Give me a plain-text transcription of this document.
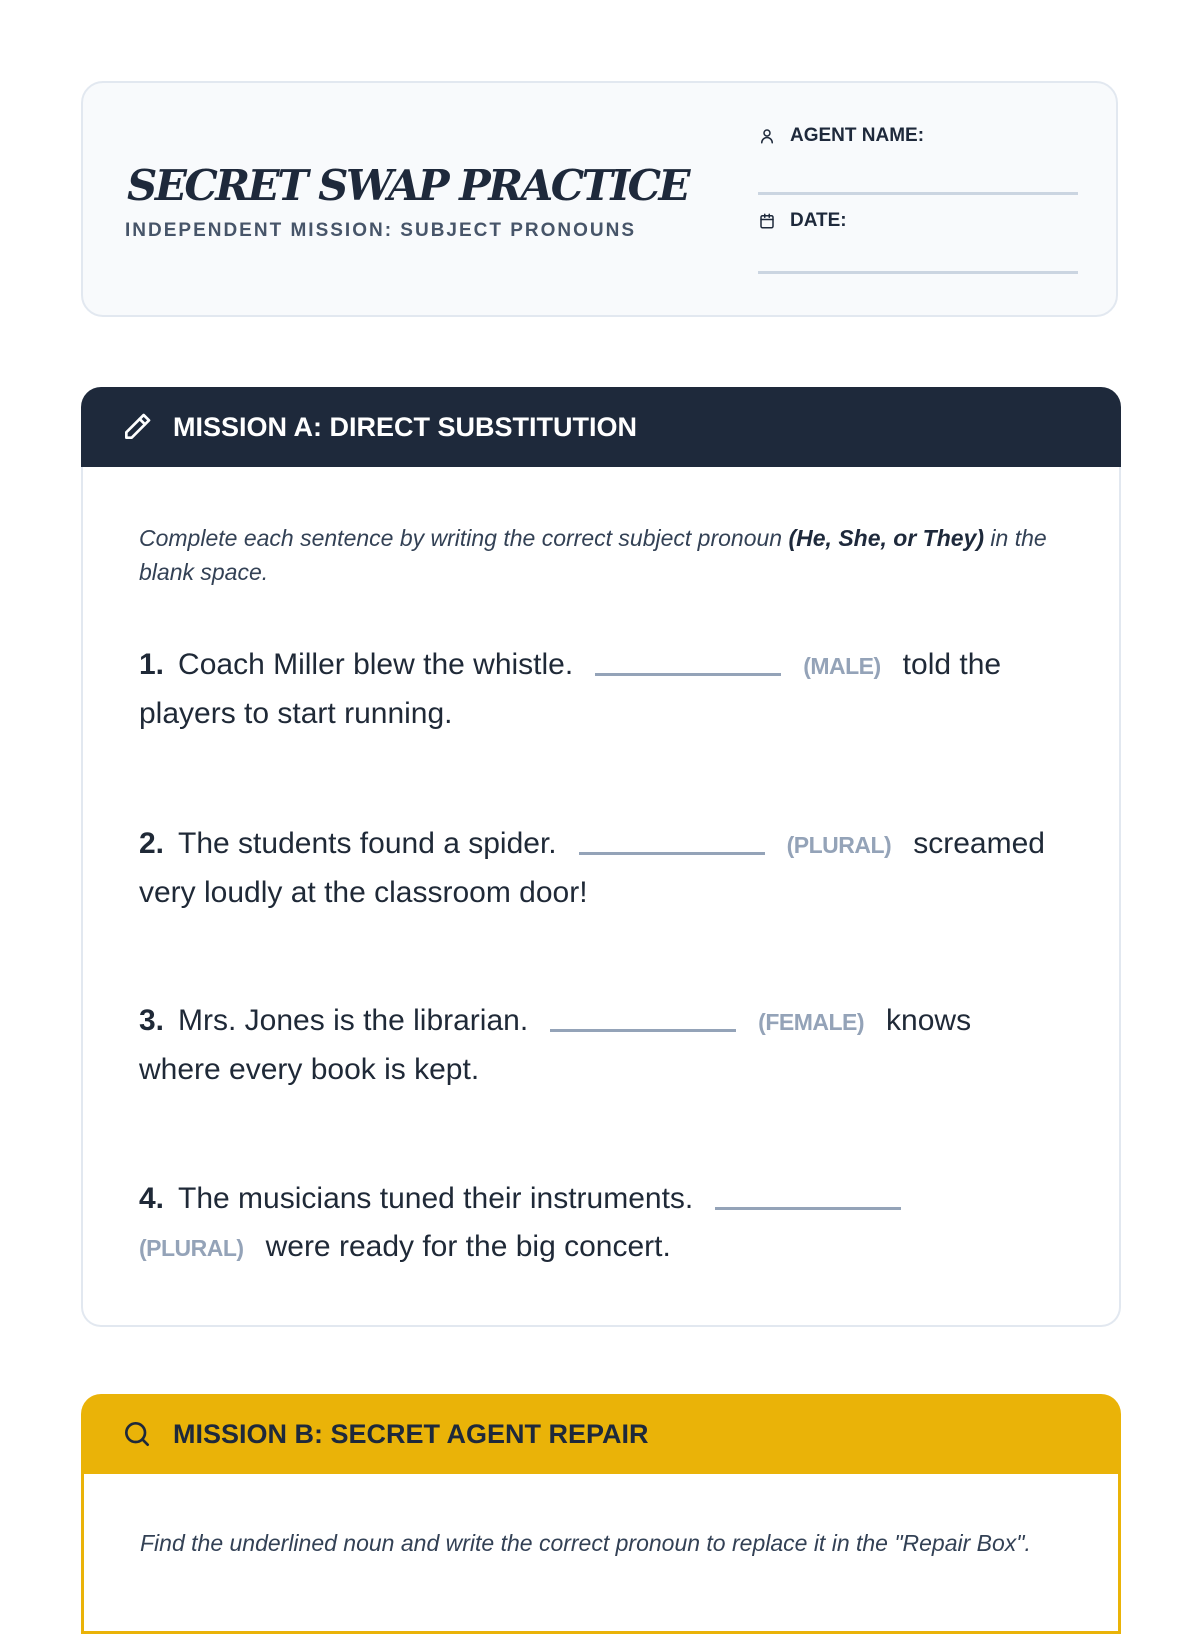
SECRET SWAP PRACTICE
INDEPENDENT MISSION: SUBJECT PRONOUNS
AGENT NAME:
DATE:
MISSION A: DIRECT SUBSTITUTION
Complete each sentence by writing the correct subject pronoun (He, She, or They) in the blank space.
1. Coach Miller blew the whistle.	(MALE) told the players to start running.
2. The students found a spider.	(PLURAL) screamed very loudly at the classroom door!
3. Mrs. Jones is the librarian.	(FEMALE) knows where every book is kept.
4. The musicians tuned their instruments.(PLURAL) were ready for the big concert.
MISSION B: SECRET AGENT REPAIR
Find the underlined noun and write the correct pronoun to replace it in the "Repair Box".
